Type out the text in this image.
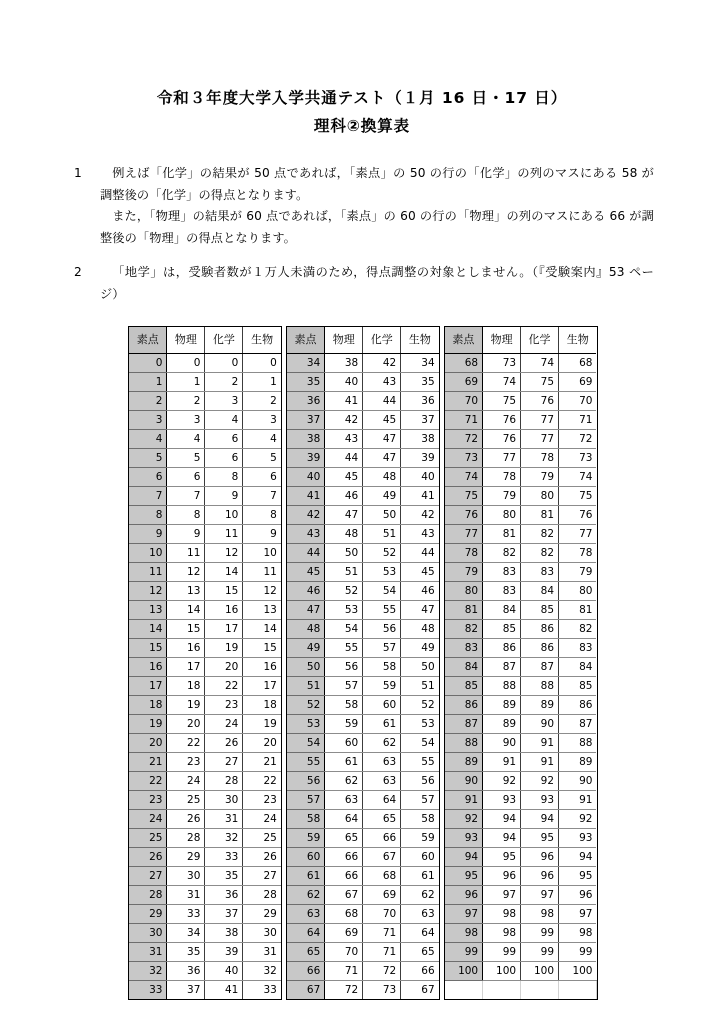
令和３年度大学入学共通テスト（１月 16 日・17 日）
理科②換算表
1	例えば「化学」の結果が 50 点であれば，「素点」の 50 の行の「化学」の列のマスにある 58 が調整後の「化学」の得点となります。

また，「物理」の結果が 60 点であれば，「素点」の 60 の行の「物理」の列のマスにある 66 が調整後の「物理」の得点となります。

2	「地学」は，受験者数が１万人未満のため，得点調整の対象としません。（『受験案内』53 ページ）

素点	物理	化学	生物
0	0	0	0
1	1	2	1
2	2	3	2
3	3	4	3
4	4	6	4
5	5	6	5
6	6	8	6
7	7	9	7
8	8	10	8
9	9	11	9
10	11	12	10
11	12	14	11
12	13	15	12
13	14	16	13
14	15	17	14
15	16	19	15
16	17	20	16
17	18	22	17
18	19	23	18
19	20	24	19
20	22	26	20
21	23	27	21
22	24	28	22
23	25	30	23
24	26	31	24
25	28	32	25
26	29	33	26
27	30	35	27
28	31	36	28
29	33	37	29
30	34	38	30
31	35	39	31
32	36	40	32
33	37	41	33
素点	物理	化学	生物
34	38	42	34
35	40	43	35
36	41	44	36
37	42	45	37
38	43	47	38
39	44	47	39
40	45	48	40
41	46	49	41
42	47	50	42
43	48	51	43
44	50	52	44
45	51	53	45
46	52	54	46
47	53	55	47
48	54	56	48
49	55	57	49
50	56	58	50
51	57	59	51
52	58	60	52
53	59	61	53
54	60	62	54
55	61	63	55
56	62	63	56
57	63	64	57
58	64	65	58
59	65	66	59
60	66	67	60
61	66	68	61
62	67	69	62
63	68	70	63
64	69	71	64
65	70	71	65
66	71	72	66
67	72	73	67
素点	物理	化学	生物
68	73	74	68
69	74	75	69
70	75	76	70
71	76	77	71
72	76	77	72
73	77	78	73
74	78	79	74
75	79	80	75
76	80	81	76
77	81	82	77
78	82	82	78
79	83	83	79
80	83	84	80
81	84	85	81
82	85	86	82
83	86	86	83
84	87	87	84
85	88	88	85
86	89	89	86
87	89	90	87
88	90	91	88
89	91	91	89
90	92	92	90
91	93	93	91
92	94	94	92
93	94	95	93
94	95	96	94
95	96	96	95
96	97	97	96
97	98	98	97
98	98	99	98
99	99	99	99
100	100	100	100
